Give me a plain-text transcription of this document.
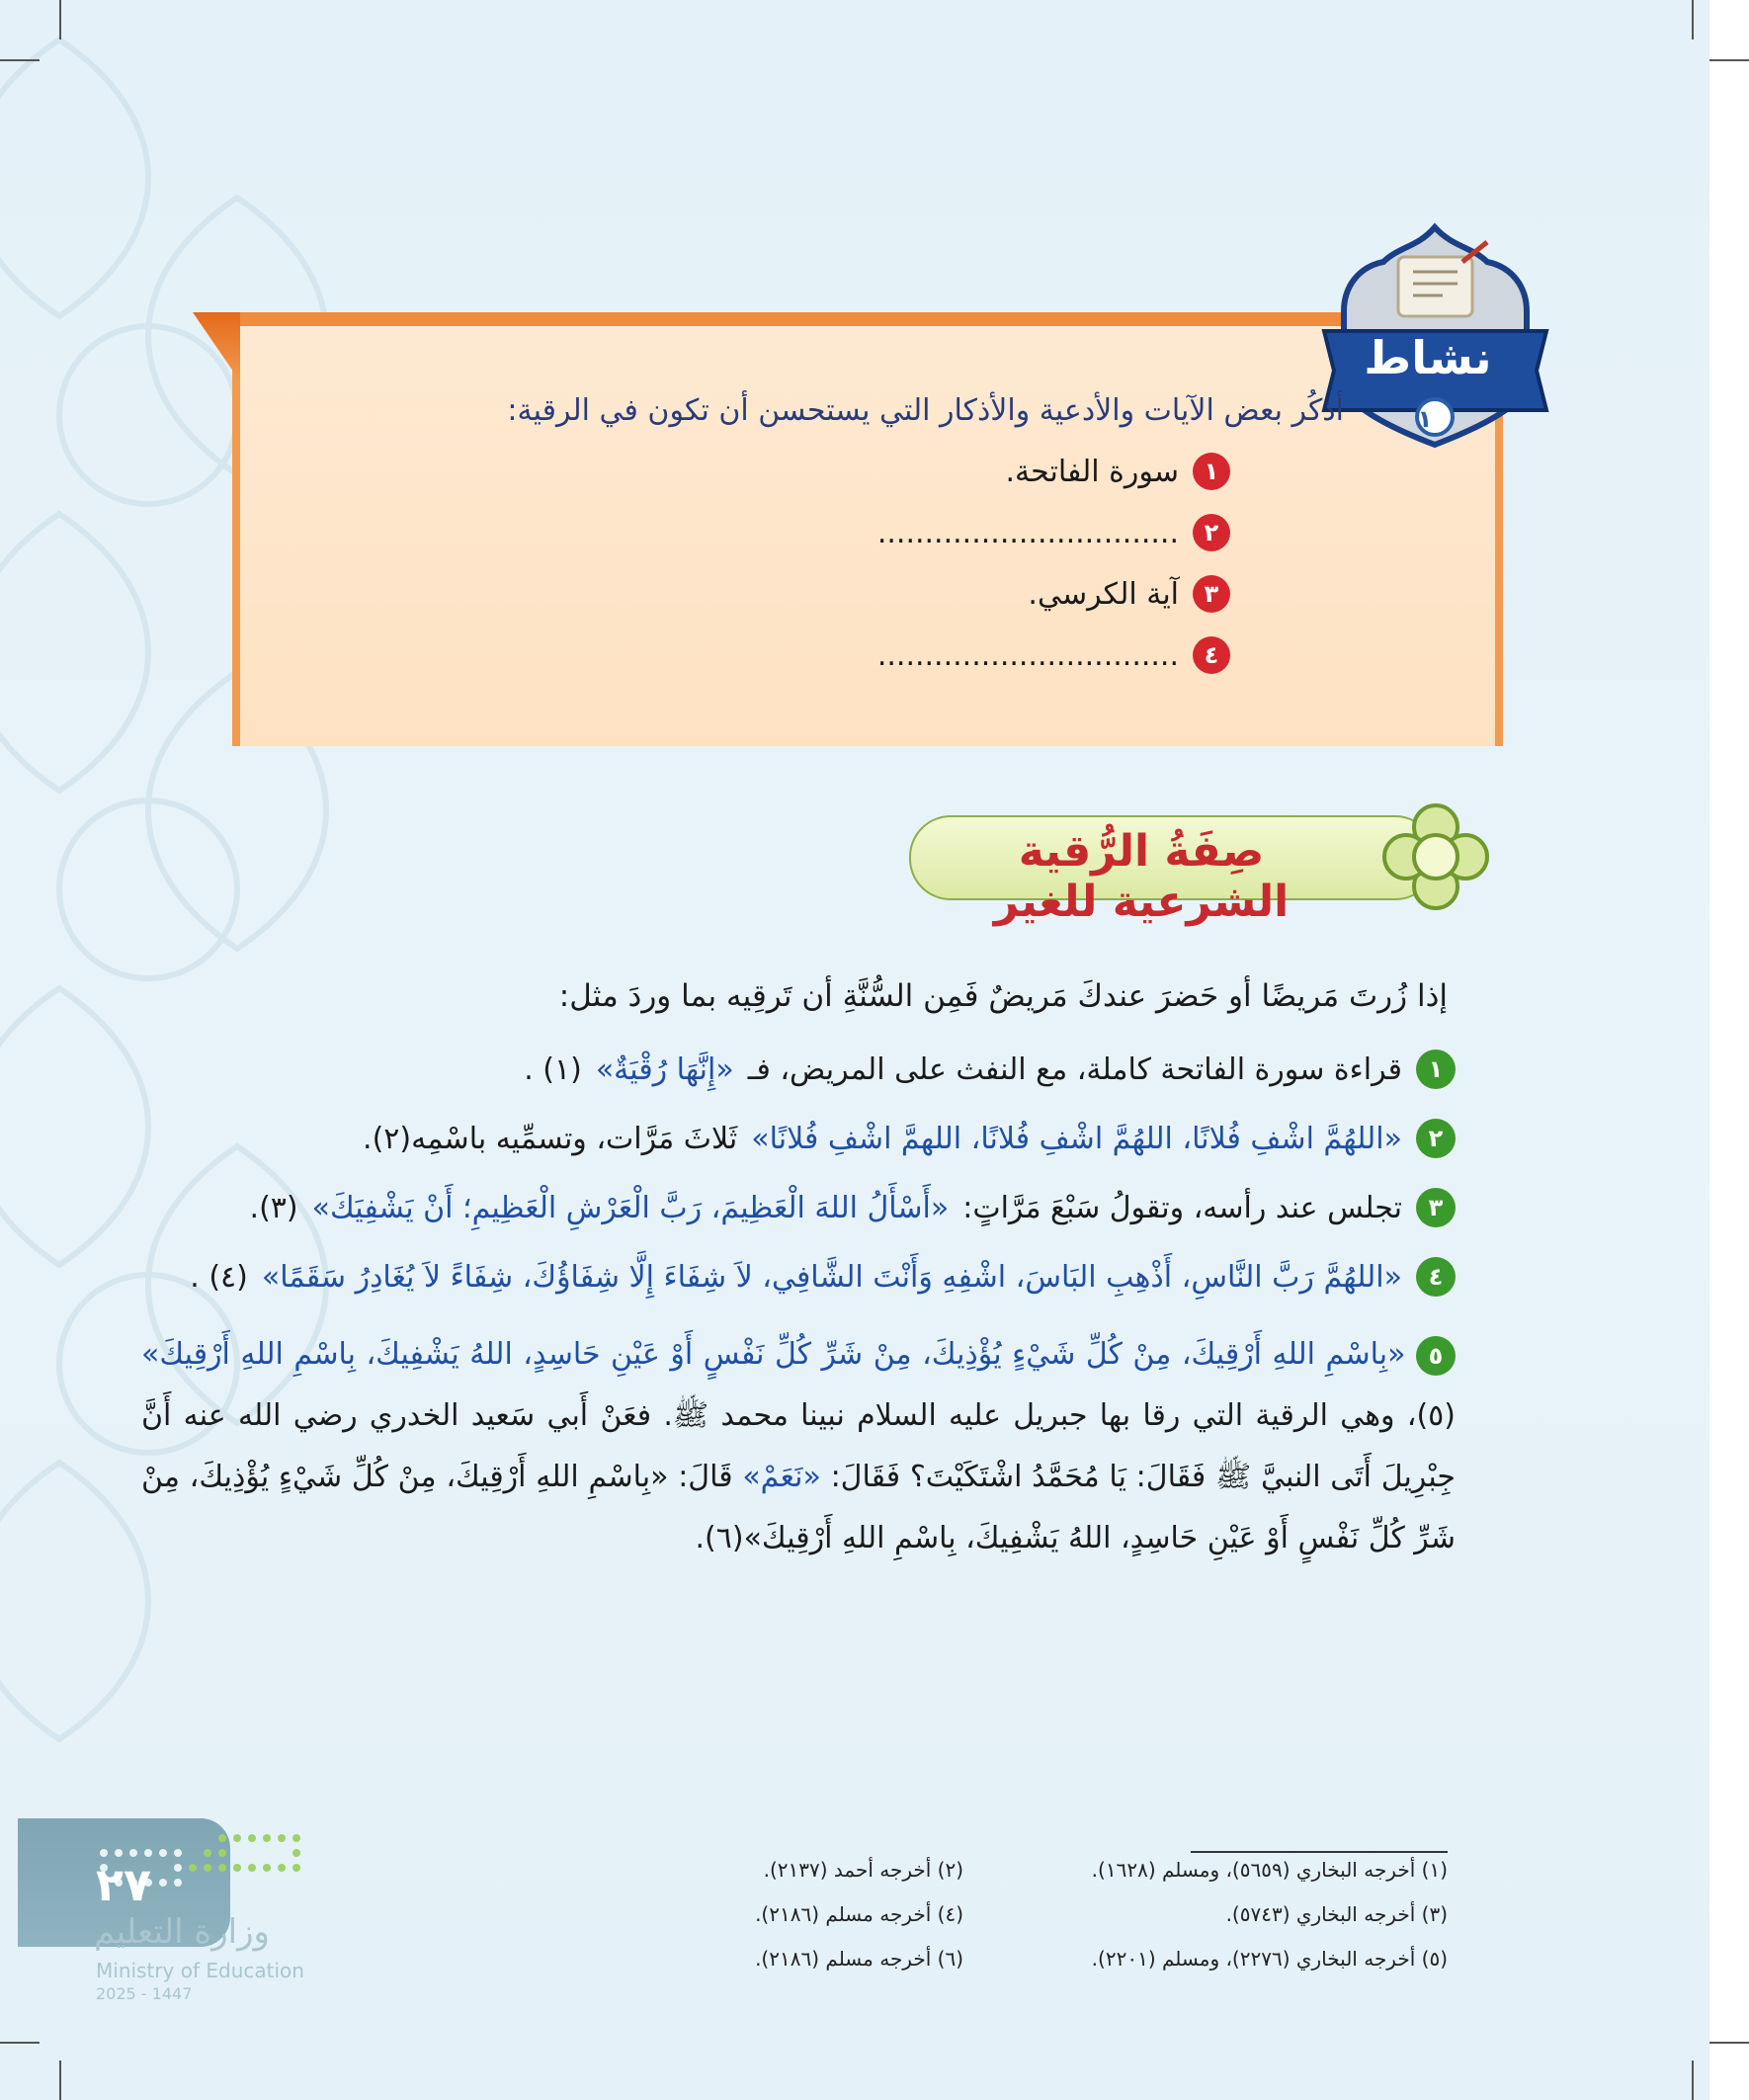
نشاط
١
أذكُر بعض الآيات والأدعية والأذكار التي يستحسن أن تكون في الرقية:
١
سورة الفاتحة.
٢
................................
٣
آية الكرسي.
٤
................................
صِفَةُ الرُّقية الشرعية للغير
إذا زُرتَ مَريضًا أو حَضرَ عندكَ مَريضٌ فَمِن السُّنَّةِ أن تَرقِيه بما وردَ مثل:
١
قراءة سورة الفاتحة كاملة، مع النفث على المريض، فـ
«إِنَّهَا رُقْيَةٌ»
(١) .
٢
«اللهُمَّ اشْفِ فُلانًا، اللهُمَّ اشْفِ فُلانًا، اللهمَّ اشْفِ فُلانًا»
ثَلاثَ مَرَّات، وتسمِّيه باسْمِه(٢).
٣
تجلس عند رأسه، وتقولُ سَبْعَ مَرَّاتٍ:
«أَسْأَلُ اللهَ الْعَظِيمَ، رَبَّ الْعَرْشِ الْعَظِيمِ؛ أَنْ يَشْفِيَكَ»
(٣).
٤
«اللهُمَّ رَبَّ النَّاسِ، أَذْهِبِ البَاسَ، اشْفِهِ وَأَنْتَ الشَّافِي، لاَ شِفَاءَ إِلَّا شِفَاؤُكَ، شِفَاءً لاَ يُغَادِرُ سَقَمًا»
(٤) .
٥ «بِاسْمِ اللهِ أَرْقِيكَ، مِنْ كُلِّ شَيْءٍ يُؤْذِيكَ، مِنْ شَرِّ كُلِّ نَفْسٍ أَوْ عَيْنِ حَاسِدٍ، اللهُ يَشْفِيكَ، بِاسْمِ اللهِ أَرْقِيكَ» (٥)، وهي الرقية التي رقا بها جبريل عليه السلام نبينا محمد ﷺ. فعَنْ أَبي سَعيد الخدري رضي الله عنه أَنَّ جِبْرِيلَ أَتَى النبيَّ ﷺ فَقَالَ: يَا مُحَمَّدُ اشْتَكَيْتَ؟ فَقَالَ: «نَعَمْ» قَالَ: «بِاسْمِ اللهِ أَرْقِيكَ، مِنْ كُلِّ شَيْءٍ يُؤْذِيكَ، مِنْ شَرِّ كُلِّ نَفْسٍ أَوْ عَيْنِ حَاسِدٍ، اللهُ يَشْفِيكَ، بِاسْمِ اللهِ أَرْقِيكَ»(٦).
(١) أخرجه البخاري (٥٦٥٩)، ومسلم (١٦٢٨).
(٢) أخرجه أحمد (٢١٣٧).
(٣) أخرجه البخاري (٥٧٤٣).
(٤) أخرجه مسلم (٢١٨٦).
(٥) أخرجه البخاري (٢٢٧٦)، ومسلم (٢٢٠١).
(٦) أخرجه مسلم (٢١٨٦).
٢٧
وزارة التعليم
Ministry of Education
2025 - 1447
